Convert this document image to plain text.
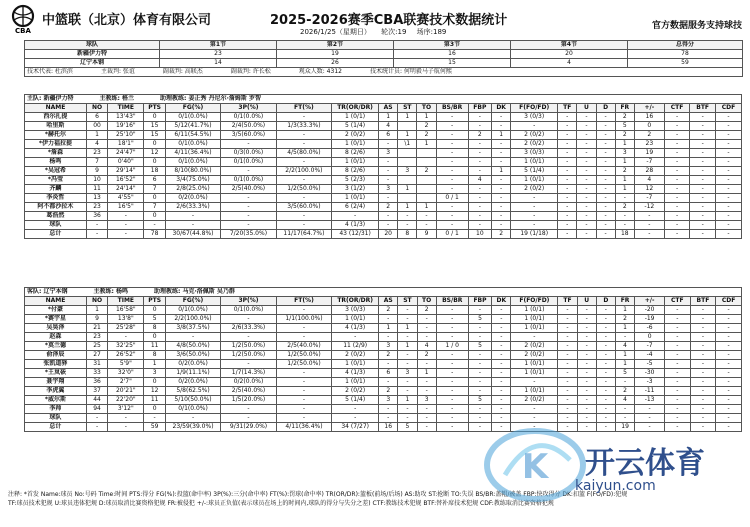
CBA
中篮联（北京）体育有限公司	2025-2026赛季CBA联赛技术数据统计
2026/1/25（星期日） 轮次:19 场序:189
官方数据服务支持球技
球队	第1节	第2节	第3节	第4节	总得分
新疆伊力特	23	19	16	20	78
辽宁本钢	14	26	15	4	59
技术代表: 杜滨滨 主裁判: 张谊 副裁判: 高联杰 副裁判: 许长松 观众人数: 4312 技术统计员: 何明毅马子航何熙					
主队: 新疆伊力特 主教练: 格兰 助理教练: 姜正秀 丹尼尔·詹姆斯 罗智																						
NAME	NO	TIME	PTS	FG(%)	3P(%)	FT(%)	TR(OR/DR)	AS	ST	TO	BS/BR	FBP	DK	F(FO/FD)	TF	U	D	FR	+/-	CTF	BTF	CDF
西尔扎提	6	13'43"	0	0/1(0.0%)	0/1(0.0%)	-	1 (0/1)	1	1	1	-	-	-	3 (0/3)	-	-	-	2	16	-	-	-
哈里斯	00	19'16"	15	5/12(41.7%)	2/4(50.0%)	1/3(33.3%)	5 (1/4)	4		2	-	-	-	-	-	-	-	5	0	-	-	-
*赫托尔	1	25'10"	15	6/11(54.5%)	3/5(60.0%)	-	2 (0/2)	6	1	2	-	2	1	2 (0/2)	-	-	-	2	2	-	-	-
*伊力福拉提	4	18'1"	0	0/1(0.0%)	-	-	1 (0/1)	-	\1	1	-	-	-	2 (0/2)	-	-	-	1	23	-	-	-
*詹森	23	24'47"	12	4/11(36.4%)	0/3(0.0%)	4/5(80.0%)	8 (2/6)	3			-	-	-	3 (0/3)	-	-	-	3	19	-	-	-
杨鸣	7	0'40"	0	0/1(0.0%)	0/1(0.0%)	-	1 (0/1)	-			-	-	-	1 (0/1)	-	-	-	1	-7	-	-	-
*吴冠希	9	29'14"	18	8/10(80.0%)	-	2/2(100.0%)	8 (2/6)	-	3	2	-	-	1	5 (1/4)	-	-	-	2	28	-	-	-
*冯莹	10	16'52"	6	3/4(75.0%)	0/1(0.0%)	-	5 (2/3)	-			-	4	-	1 (0/1)	-	-	-	1	4	-	-	-
齐麟	11	24'14"	7	2/8(25.0%)	2/5(40.0%)	1/2(50.0%)	3 (1/2)	3	1		-	-	-	2 (0/2)	-	-	-	1	12	-	-	-
李炎哲	13	4'55"	0	0/2(0.0%)	-	-	1 (0/1)	-			0 / 1	-	-	-	-	-	-	-	-7	-	-	-
阿不都沙拉木	23	16'5"	7	2/6(33.3%)	-	3/5(60.0%)	6 (2/4)	2	1	1	-	-	-	-	-	-	-	2	-12	-	-	-
葛浩然	36	-	0	-	-	-	-	-	-	-	-	-	-	-	-	-	-	-	-	-	-	-
球队	-	-	-	-	-	-	4 (1/3)	-	-	-	-	-	-	-	-	-	-	-	-	-	-	-
总计	-	-	78	30/67(44.8%)	7/20(35.0%)	11/17(64.7%)	43 (12/31)	20	8	9	0 / 1	10	2	19 (1/18)	-	-	-	18	-	-	-	-
客队: 辽宁本钢 主教练: 杨鸣 助理教练: 马克·洛佩斯 吴乃群																						
NAME	NO	TIME	PTS	FG(%)	3P(%)	FT(%)	TR(OR/DR)	AS	ST	TO	BS/BR	FBP	DK	F(FO/FD)	TF	U	D	FR	+/-	CTF	BTF	CDF
*付豪	1	16'58"	0	0/1(0.0%)	0/1(0.0%)	-	3 (0/3)	2	-	2	-	-	-	1 (0/1)	-	-	-	1	-20	-	-	-
*赛宇星	9	13'8"	5	2/2(100.0%)	-	1/1(100.0%)	1 (0/1)	-	-	-	-	5	-	1 (0/1)	-	-	-	2	-19	-	-	-
吴昊泽	21	25'28"	8	3/8(37.5%)	2/6(33.3%)	-	4 (1/3)	1	1	-	-	-	-	1 (0/1)	-	-	-	1	-6	-	-	-
赵森	23	-	0	-	-	-	-	-	-	-	-	-	-	-	-	-	-	-	0	-	-	-
*莫兰德	25	32'25"	11	4/8(50.0%)	1/2(50.0%)	2/5(40.0%)	11 (2/9)	3	1	4	1 / 0	5	-	2 (0/2)	-	-	-	4	-7	-	-	-
俞泽辰	27	26'52"	8	3/6(50.0%)	1/2(50.0%)	1/2(50.0%)	2 (0/2)	2	-	2	-	-	-	2 (0/2)	-	-	-	1	-4	-	-	-
张凯道驿	31	5'9"	1	0/2(0.0%)	-	1/2(50.0%)	1 (0/1)	-	-	-	-	-	-	1 (0/1)	-	-	-	1	-5	-	-	-
*王岚嵚	33	32'0"	3	1/9(11.1%)	1/7(14.3%)	-	4 (1/3)	6	3	1	-	-	-	1 (0/1)	-	-	-	5	-30	-	-	-
聂宇翔	36	2'7"	0	0/2(0.0%)	0/2(0.0%)	-	1 (0/1)	-	-	-	-	-	-	-	-	-	-	-	-3	-	-	-
李虎翼	37	20'21"	12	5/8(62.5%)	2/5(40.0%)	-	2 (0/2)	2	-	-	-	-	-	1 (0/1)	-	-	-	2	-11	-	-	-
*威尔斯	44	22'20"	11	5/10(50.0%)	1/5(20.0%)	-	5 (1/4)	3	1	3	-	5	-	2 (0/2)	-	-	-	4	-13	-	-	-
李帅	94	3'12"	0	0/1(0.0%)	-	-	-	-	-	-	-	-	-	-	-	-	-	-	-	-	-	-
球队	-	-	-	-	-	-	-	-	-	-	-	-	-	-	-	-	-	-	-	-	-	-
总计	-	-	59	23/59(39.0%)	9/31(29.0%)	4/11(36.4%)	34 (7/27)	16	5	-	-	-	-	-	-	-	-	19	-	-	-	-
注释: *首发 Name:球员 No:号码 Time:时间 PTS:得分 FG(%):投篮(命中率) 3P(%):三分(命中率) FT(%):罚球(命中率) TR(OR/DR):篮板(前场/后场) AS:助攻 ST:抢断 TO:失误 BS/BR:盖帽/被盖 FBP:快攻得分 DK:扣篮 F(FO/FD):犯规
TF:球员技术犯规 U:球员违体犯规 D:球员取消比赛资格犯规 FR:被侵犯 +/-:球员正负值(表示球员在场上的时间内,球队的得分与失分之差) CTF:教练技术犯规 BTF:替补席技术犯规 CDF:教练取消比赛资格犯规
K 开云体育
kaiyun.com
